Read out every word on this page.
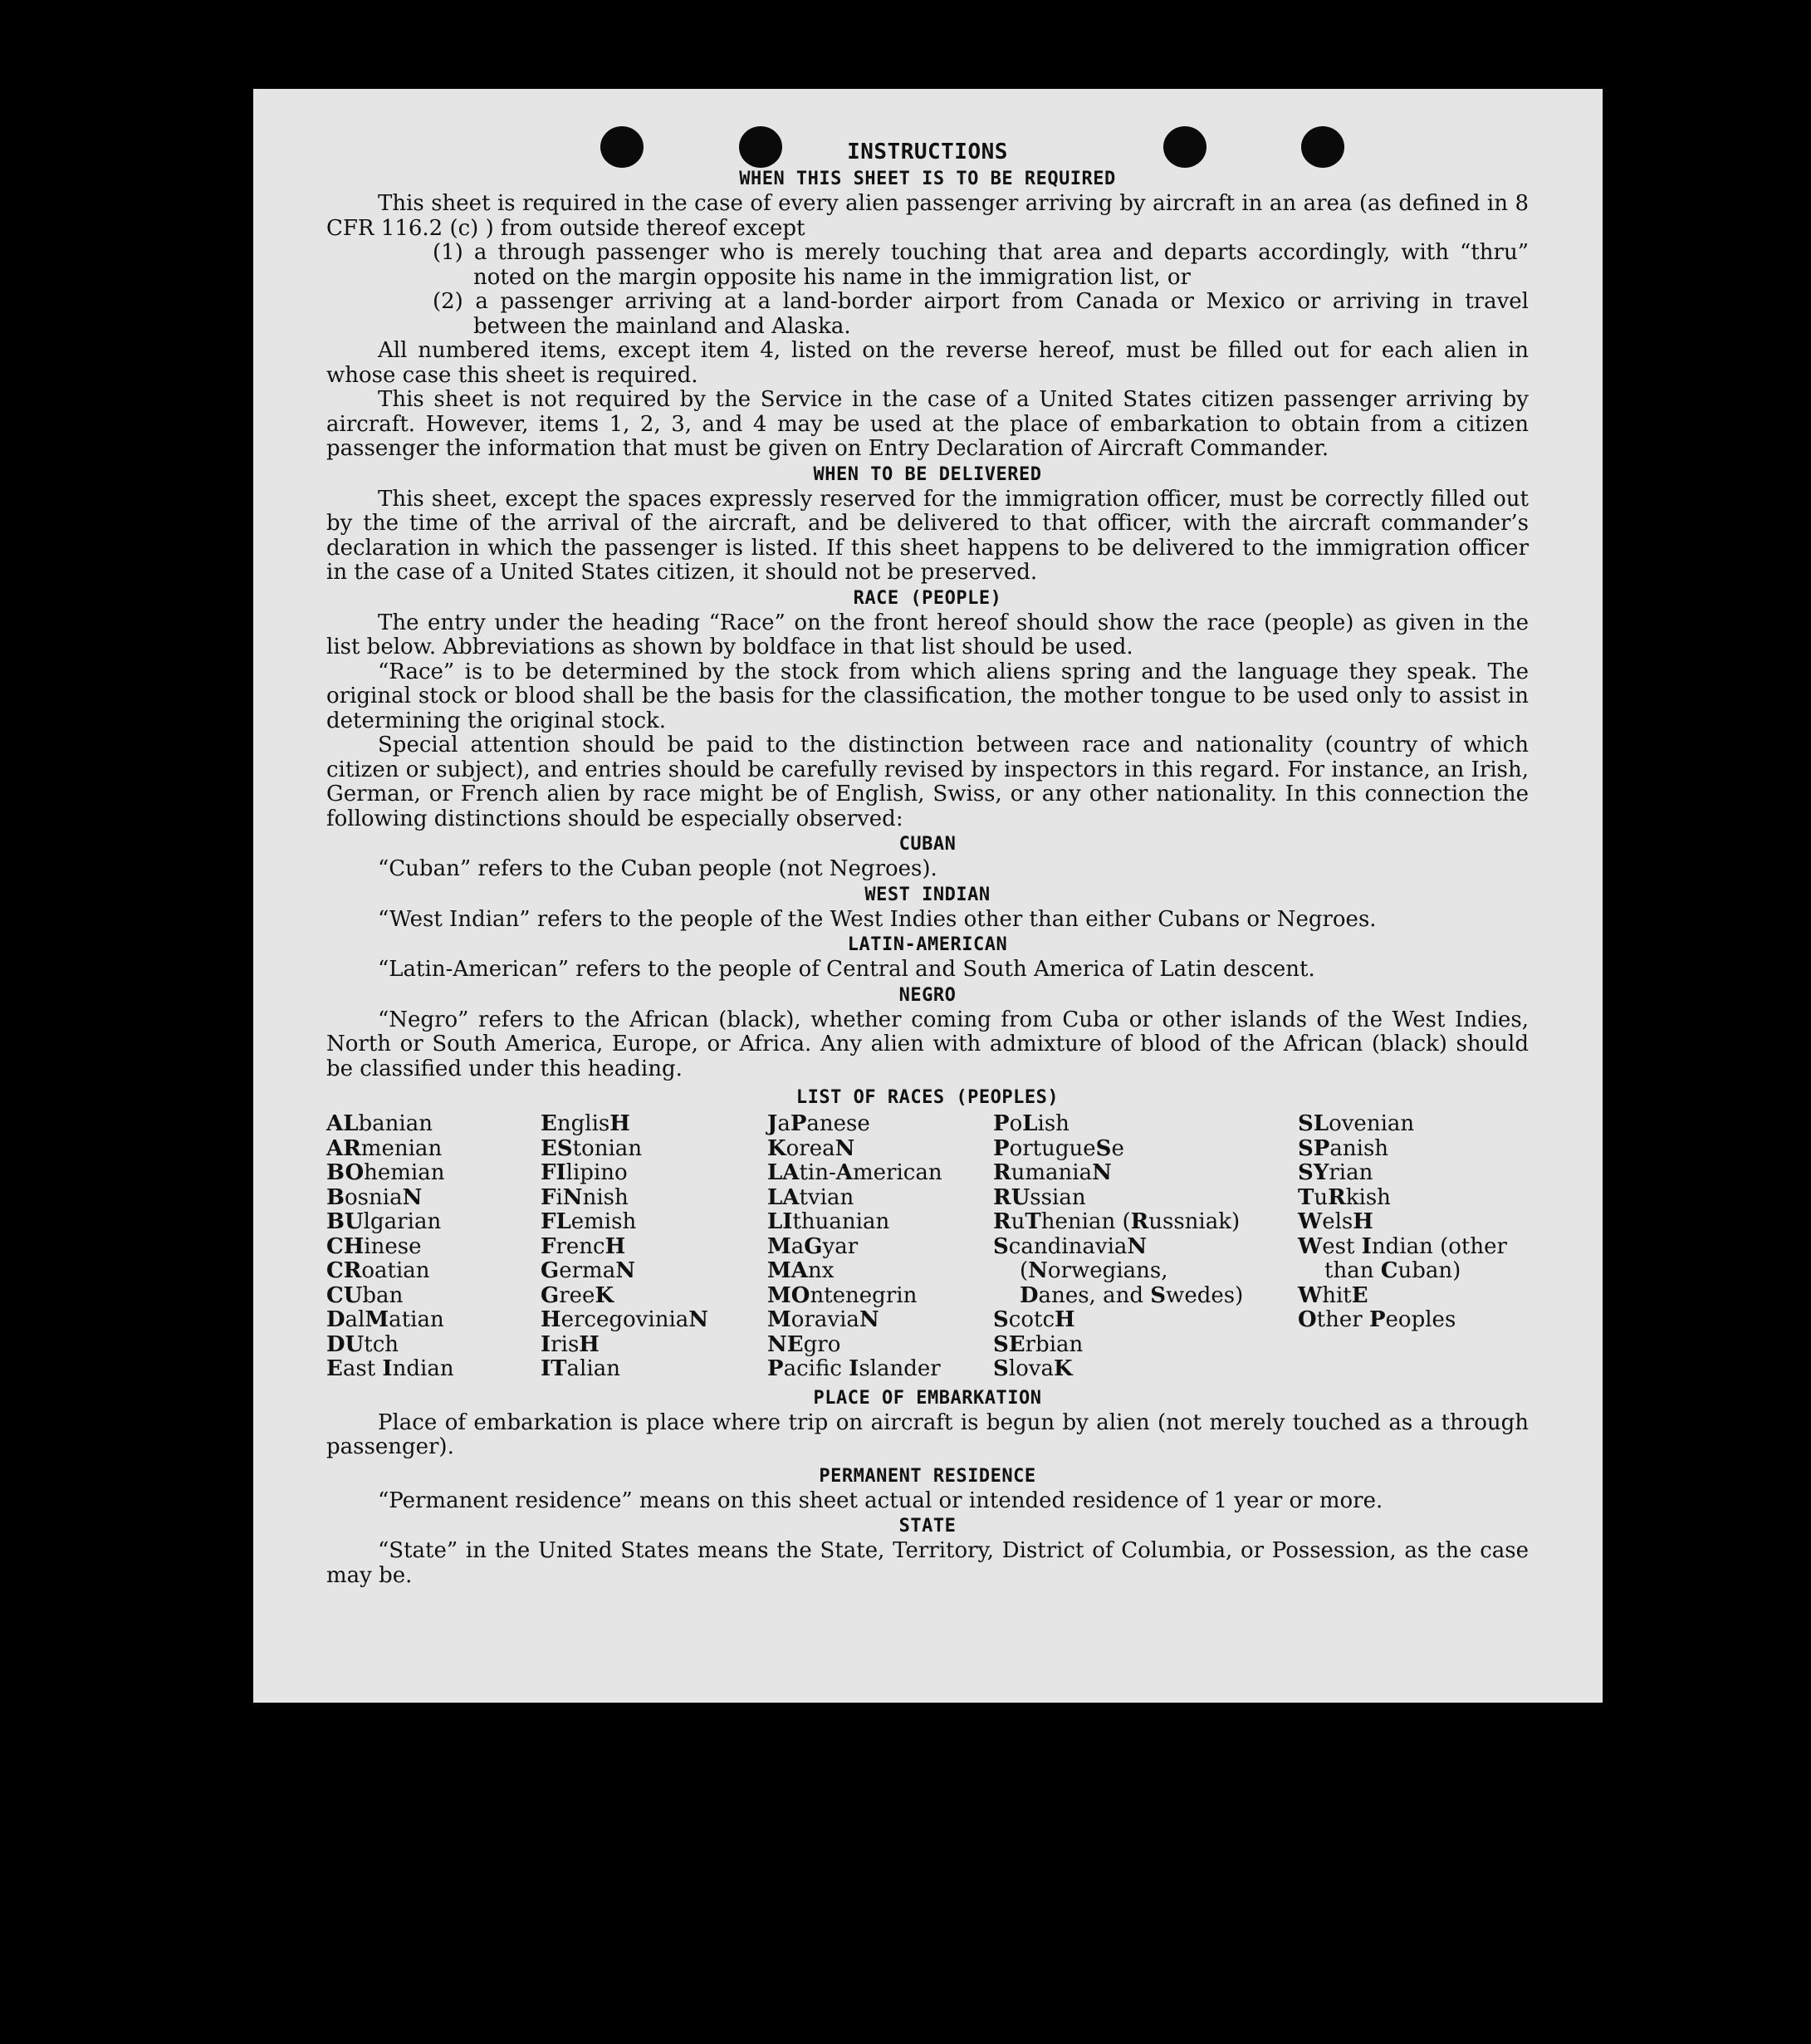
INSTRUCTIONS
WHEN THIS SHEET IS TO BE REQUIRED

This sheet is required in the case of every alien passenger arriving by aircraft in an area (as defined in 8 CFR 116.2 (c) ) from outside thereof except

(1) a through passenger who is merely touching that area and departs accordingly, with “thru” noted on the margin opposite his name in the immigration list, or
(2) a passenger arriving at a land-border airport from Canada or Mexico or arriving in travel between the mainland and Alaska.

All numbered items, except item 4, listed on the reverse hereof, must be filled out for each alien in whose case this sheet is required.

This sheet is not required by the Service in the case of a United States citizen passenger arriving by aircraft. However, items 1, 2, 3, and 4 may be used at the place of embarkation to obtain from a citizen passenger the information that must be given on Entry Declaration of Aircraft Commander.

WHEN TO BE DELIVERED

This sheet, except the spaces expressly reserved for the immigration officer, must be correctly filled out by the time of the arrival of the aircraft, and be delivered to that officer, with the aircraft commander’s declaration in which the passenger is listed. If this sheet happens to be delivered to the immigration officer in the case of a United States citizen, it should not be preserved.

RACE (PEOPLE)

The entry under the heading “Race” on the front hereof should show the race (people) as given in the list below. Abbreviations as shown by boldface in that list should be used.

“Race” is to be determined by the stock from which aliens spring and the language they speak. The original stock or blood shall be the basis for the classification, the mother tongue to be used only to assist in determining the original stock.

Special attention should be paid to the distinction between race and nationality (country of which citizen or subject), and entries should be carefully revised by inspectors in this regard. For instance, an Irish, German, or French alien by race might be of English, Swiss, or any other nationality. In this connection the following distinctions should be especially observed:

CUBAN

“Cuban” refers to the Cuban people (not Negroes).

WEST INDIAN

“West Indian” refers to the people of the West Indies other than either Cubans or Negroes.

LATIN-AMERICAN

“Latin-American” refers to the people of Central and South America of Latin descent.

NEGRO

“Negro” refers to the African (black), whether coming from Cuba or other islands of the West Indies, North or South America, Europe, or Africa. Any alien with admixture of blood of the African (black) should be classified under this heading.

LIST OF RACES (PEOPLES)
ALbanian
ARmenian
BOhemian
BosniaN
BUlgarian
CHinese
CRoatian
CUban
DalMatian
DUtch
East Indian
EnglisH
EStonian
FIlipino
FiNnish
FLemish
FrencH
GermaN
GreeK
HercegoviniaN
IrisH
ITalian
JaPanese
KoreaN
LAtin-American
LAtvian
LIthuanian
MaGyar
MAnx
MOntenegrin
MoraviaN
NEgro
Pacifc Islander
PoLish
PortugueSe
RumaniaN
RUssian
RuThenian (Russniak)
ScandinaviaN (Norwegians, Danes, and Swedes)
ScotcH
SErbian
SlovaK
SLovenian
SPanish
SYrian
TuRkish
WelsH
West Indian (other than Cuban)
WhitE
Other Peoples
PLACE OF EMBARKATION

Place of embarkation is place where trip on aircraft is begun by alien (not merely touched as a through passenger).

PERMANENT RESIDENCE

“Permanent residence” means on this sheet actual or intended residence of 1 year or more.

STATE

“State” in the United States means the State, Territory, District of Columbia, or Possession, as the case may be.
